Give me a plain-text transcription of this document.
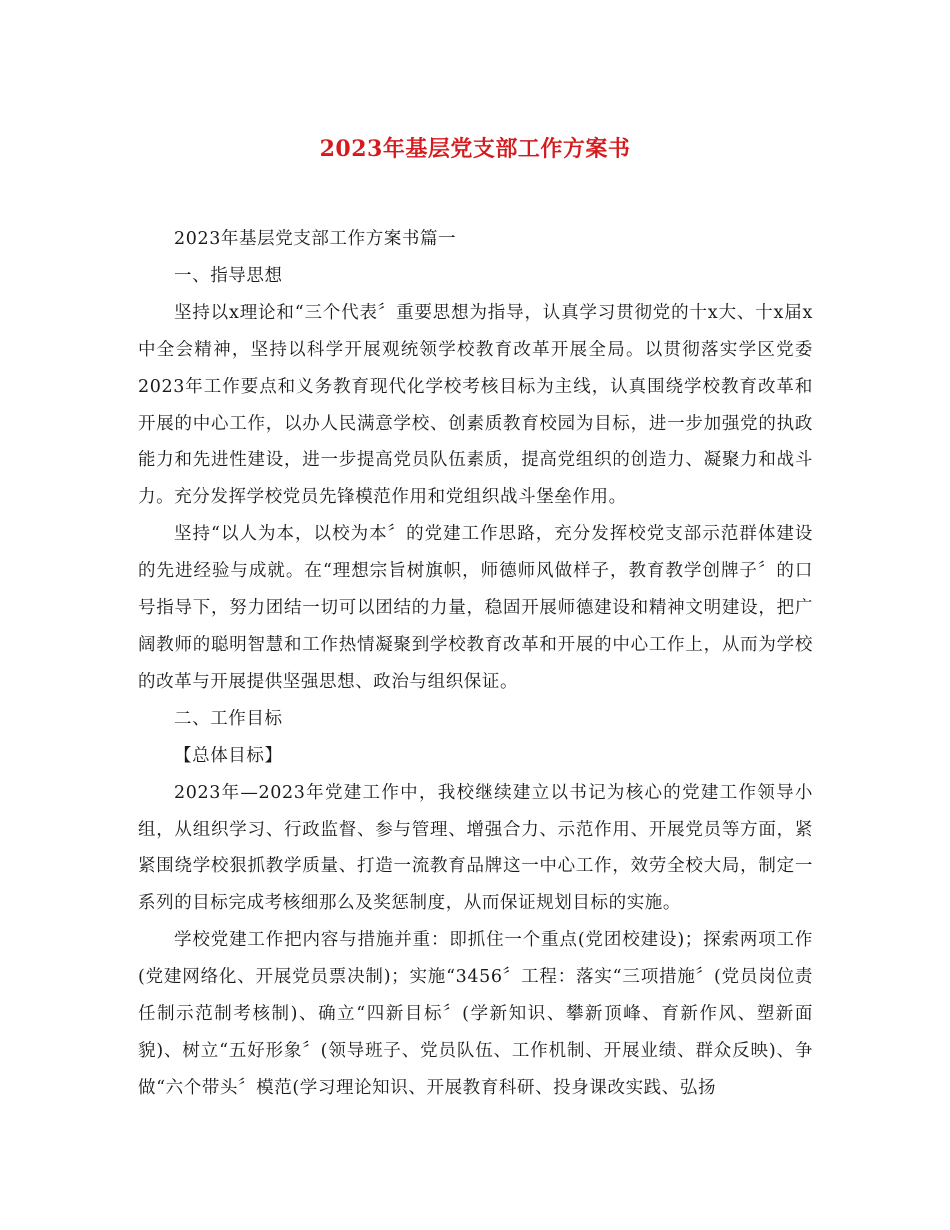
2023年基层党支部工作方案书

2023年基层党支部工作方案书篇一

一、指导思想

坚持以x理论和“三个代表〞重要思想为指导，认真学习贯彻党的十x大、十x届x中全会精神，坚持以科学开展观统领学校教育改革开展全局。以贯彻落实学区党委2023年工作要点和义务教育现代化学校考核目标为主线，认真围绕学校教育改革和开展的中心工作，以办人民满意学校、创素质教育校园为目标，进一步加强党的执政能力和先进性建设，进一步提高党员队伍素质，提高党组织的创造力、凝聚力和战斗力。充分发挥学校党员先锋模范作用和党组织战斗堡垒作用。

坚持“以人为本，以校为本〞的党建工作思路，充分发挥校党支部示范群体建设的先进经验与成就。在“理想宗旨树旗帜，师德师风做样子，教育教学创牌子〞的口号指导下，努力团结一切可以团结的力量，稳固开展师德建设和精神文明建设，把广阔教师的聪明智慧和工作热情凝聚到学校教育改革和开展的中心工作上，从而为学校的改革与开展提供坚强思想、政治与组织保证。

二、工作目标

【总体目标】

2023年—2023年党建工作中，我校继续建立以书记为核心的党建工作领导小组，从组织学习、行政监督、参与管理、增强合力、示范作用、开展党员等方面，紧紧围绕学校狠抓教学质量、打造一流教育品牌这一中心工作，效劳全校大局，制定一系列的目标完成考核细那么及奖惩制度，从而保证规划目标的实施。

学校党建工作把内容与措施并重：即抓住一个重点(党团校建设)；探索两项工作(党建网络化、开展党员票决制)；实施“3456〞工程：落实“三项措施〞(党员岗位责任制示范制考核制)、确立“四新目标〞(学新知识、攀新顶峰、育新作风、塑新面貌)、树立“五好形象〞(领导班子、党员队伍、工作机制、开展业绩、群众反映)、争做“六个带头〞模范(学习理论知识、开展教育科研、投身课改实践、弘扬
